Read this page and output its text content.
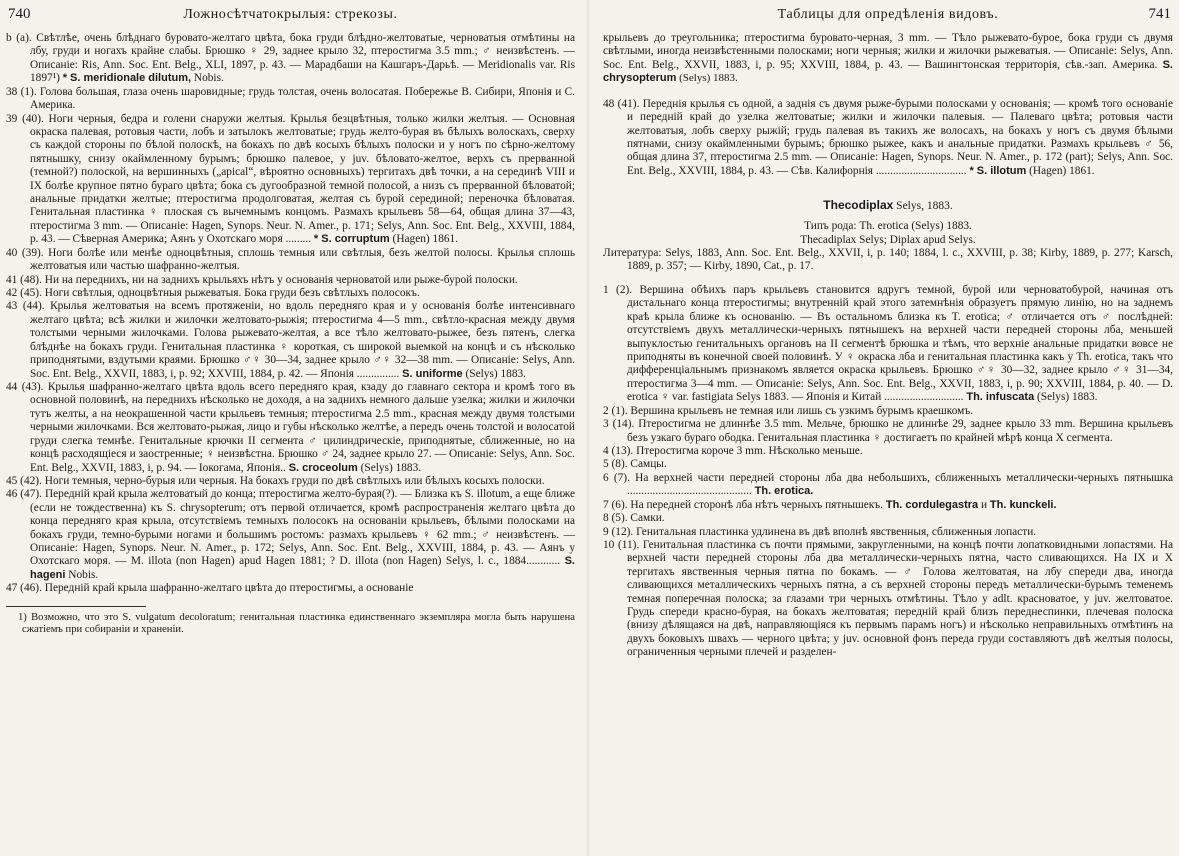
740	Ложносѣтчатокрылыя: стрекозы.

b (a). Свѣтлѣе, очень блѣднаго буровато-желтаго цвѣта, бока груди блѣдно-желтоватые, черноватыя отмѣтины на лбу, груди и ногахъ крайне слабы. Брюшко ♀ 29, заднее крыло 32, птеростигма 3.5 mm.; ♂ неизвѣстенъ. — Описаніе: Ris, Ann. Soc. Ent. Belg., XLI, 1897, p. 43. — Марадбаши на Кашгаръ-Дарьѣ. — Meridionalis var. Ris 1897¹) * S. meridionale dilutum, Nobis.

38 (1). Голова большая, глаза очень шаровидные; грудь толстая, очень волосатая. Побережье В. Сибири, Японія и С. Америка.

39 (40). Ноги черныя, бедра и голени снаружи желтыя. Крылья безцвѣтныя, только жилки желтыя. — Основная окраска палевая, ротовыя части, лобъ и затылокъ желтоватые; грудь желто-бурая въ бѣлыхъ волоскахъ, сверху съ каждой стороны по бѣлой полоскѣ, на бокахъ по двѣ косыхъ бѣлыхъ полоски и у ногъ по сѣрно-желтому пятнышку, снизу окаймленному бурымъ; брюшко палевое, у juv. бѣловато-желтое, верхъ съ прерванной (темной?) полоской, на вершинныхъ („apical“, вѣроятно основныхъ) тергитахъ двѣ точки, а на серединѣ VIII и IX болѣе крупное пятно бураго цвѣта; бока съ дугообразной темной полосой, а низъ съ прерванной бѣловатой; анальные придатки желтые; птеростигма продолговатая, желтая съ бурой серединой; переночка бѣловатая. Генитальная пластинка ♀ плоская съ вычемнымъ концомъ. Размахъ крыльевъ 58—64, общая длина 37—43, птеростигма 3 mm. — Описаніе: Hagen, Synops. Neur. N. Amer., p. 171; Selys, Ann. Soc. Ent. Belg., XXVIII, 1884, p. 43. — Сѣверная Америка; Аянъ у Охотскаго моря ......... * S. corruptum (Hagen) 1861.

40 (39). Ноги болѣе или менѣе одноцвѣтныя, сплошь темныя или свѣтлыя, безъ желтой полосы. Крылья сплошь желтоватыя или частью шафранно-желтыя.

41 (48). Ни на переднихъ, ни на заднихъ крыльяхъ нѣтъ у основанія черноватой или рыже-бурой полоски.

42 (45). Ноги свѣтлыя, одноцвѣтныя рыжеватыя. Бока груди безъ свѣтлыхъ полосокъ.

43 (44). Крылья желтоватыя на всемъ протяженіи, но вдоль передняго края и у основанія болѣе интенсивнаго желтаго цвѣта; всѣ жилки и жилочки желтовато-рыжія; птеростигма 4—5 mm., свѣтло-красная между двумя толстыми черными жилочками. Голова рыжевато-желтая, а все тѣло желтовато-рыжее, безъ пятенъ, слегка блѣднѣе на бокахъ груди. Генитальная пластинка ♀ короткая, съ широкой выемкой на концѣ и съ нѣсколько приподнятыми, вздутыми краями. Брюшко ♂♀ 30—34, заднее крыло ♂♀ 32—38 mm. — Описаніе: Selys, Ann. Soc. Ent. Belg., XXVII, 1883, i, p. 92; XXVIII, 1884, p. 42. — Японія ............... S. uniforme (Selys) 1883.

44 (43). Крылья шафранно-желтаго цвѣта вдоль всего передняго края, кзаду до главнаго сектора и кромѣ того въ основной половинѣ, на переднихъ нѣсколько не доходя, а на заднихъ немного дальше узелка; жилки и жилочки тутъ желты, а на неокрашенной части крыльевъ темныя; птеростигма 2.5 mm., красная между двумя толстыми черными жилочками. Вся желтовато-рыжая, лицо и губы нѣсколько желтѣе, а передъ очень толстой и волосатой груди слегка темнѣе. Генитальные крючки II сегмента ♂ цилиндрическіе, приподнятые, сближенные, но на концѣ расходящіеся и заостренные; ♀ неизвѣстна. Брюшко ♂ 24, заднее крыло 27. — Описаніе: Selys, Ann. Soc. Ent. Belg., XXVII, 1883, i, p. 94. — Іокогама, Японія.. S. croceolum (Selys) 1883.

45 (42). Ноги темныя, черно-бурыя или черныя. На бокахъ груди по двѣ свѣтлыхъ или бѣлыхъ косыхъ полоски.

46 (47). Передній край крыла желтоватый до конца; птеростигма желто-бурая(?). — Близка къ S. illotum, а еще ближе (если не тождественна) къ S. chrysopterum; отъ первой отличается, кромѣ распространенія желтаго цвѣта до конца передняго края крыла, отсутствіемъ темныхъ полосокъ на основаніи крыльевъ, бѣлыми полосками на бокахъ груди, темно-бурыми ногами и большимъ ростомъ: размахъ крыльевъ ♀ 62 mm.; ♂ неизвѣстенъ. — Описаніе: Hagen, Synops. Neur. N. Amer., p. 172; Selys, Ann. Soc. Ent. Belg., XXVIII, 1884, p. 43. — Аянъ у Охотскаго моря. — M. illota (non Hagen) apud Hagen 1881; ? D. illota (non Hagen) Selys, l. c., 1884............ S. hageni Nobis.

47 (46). Передній край крыла шафранно-желтаго цвѣта до птеростигмы, а основаніе

1) Возможно, что это S. vulgatum decoloratum; генитальная пластинка единственнаго экземпляра могла быть нарушена сжатіемъ при собираніи и храненіи.

Таблицы для опредѣленія видовъ.	741

крыльевъ до треугольника; птеростигма буровато-черная, 3 mm. — Тѣло рыжевато-бурое, бока груди съ двумя свѣтлыми, иногда неизвѣстенными полосками; ноги черныя; жилки и жилочки рыжеватыя. — Описаніе: Selys, Ann. Soc. Ent. Belg., XXVII, 1883, i, p. 95; XXVIII, 1884, p. 43. — Вашингтонская территорія, сѣв.-зап. Америка. S. chrysopterum (Selys) 1883.

48 (41). Переднія крылья съ одной, а заднія съ двумя рыже-бурыми полосками у основанія; — кромѣ того основаніе и передній край до узелка желтоватые; жилки и жилочки палевыя. — Палеваго цвѣта; ротовыя части желтоватыя, лобъ сверху рыжій; грудь палевая въ такихъ же волосахъ, на бокахъ у ногъ съ двумя бѣлыми пятнами, снизу окаймленными бурымъ; брюшко рыжее, какъ и анальные придатки. Размахъ крыльевъ ♂ 56, общая длина 37, птеростигма 2.5 mm. — Описаніе: Hagen, Synops. Neur. N. Amer., p. 172 (part); Selys, Ann. Soc. Ent. Belg., XXVIII, 1884, p. 43. — Сѣв. Калифорнія ................................ * S. illotum (Hagen) 1861.

Thecodiplax Selys, 1883.

Типъ рода: Th. erotica (Selys) 1883.

Thecadiplax Selys; Diplax apud Selys.

Литература: Selys, 1883, Ann. Soc. Ent. Belg., XXVII, i, p. 140; 1884, l. c., XXVIII, p. 38; Kirby, 1889, p. 277; Karsch, 1889, p. 357; — Kirby, 1890, Cat., p. 17.

1 (2). Вершина обѣихъ паръ крыльевъ становится вдругъ темной, бурой или черноватобурой, начиная отъ дистальнаго конца птеростигмы; внутренній край этого затемнѣнія образуетъ прямую линію, но на заднемъ краѣ крыла ближе къ основанію. — Въ остальномъ близка къ T. erotica; ♂ отличается отъ ♂ послѣдней: отсутствіемъ двухъ металлически-черныхъ пятнышекъ на верхней части передней стороны лба, меньшей выпуклостью генитальныхъ органовъ на II сегментѣ брюшка и тѣмъ, что верхніе анальные придатки вовсе не приподняты въ конечной своей половинѣ. У ♀ окраска лба и генитальная пластинка какъ у Th. erotica, такъ что дифференціальнымъ признакомъ является окраска крыльевъ. Брюшко ♂♀ 30—32, заднее крыло ♂♀ 31—34, птеростигма 3—4 mm. — Описаніе: Selys, Ann. Soc. Ent. Belg., XXVII, 1883, i, p. 90; XXVIII, 1884, p. 40. — D. erotica ♀ var. fastigiata Selys 1883. — Японія и Китай ............................ Th. infuscata (Selys) 1883.

2 (1). Вершина крыльевъ не темная или лишь съ узкимъ бурымъ краешкомъ.

3 (14). Птеростигма не длиннѣе 3.5 mm. Мельче, брюшко не длиннѣе 29, заднее крыло 33 mm. Вершина крыльевъ безъ узкаго бураго ободка. Генитальная пластинка ♀ достигаетъ по крайней мѣрѣ конца X сегмента.

4 (13). Птеростигма короче 3 mm. Нѣсколько меньше.

5 (8). Самцы.

6 (7). На верхней части передней стороны лба два небольшихъ, сближенныхъ металлически-черныхъ пятнышка ............................................ Th. erotica.

7 (6). На передней сторонѣ лба нѣтъ черныхъ пятнышекъ. Th. cordulegastra и Th. kunckeli.

8 (5). Самки.

9 (12). Генитальная пластинка удлинена въ двѣ вполнѣ явственныя, сближенныя лопасти.

10 (11). Генитальная пластинка съ почти прямыми, закругленными, на концѣ почти лопатковидными лопастями. На верхней части передней стороны лба два металлически-черныхъ пятна, часто сливающихся. На IX и X тергитахъ явственныя черныя пятна по бокамъ. — ♂ Голова желтоватая, на лбу спереди два, иногда сливающихся металлическихъ черныхъ пятна, а съ верхней стороны передъ металлически-бурымъ теменемъ темная поперечная полоска; за глазами три черныхъ отмѣтины. Тѣло у adlt. красноватое, у juv. желтоватое. Грудь спереди красно-бурая, на бокахъ желтоватая; передній край близъ переднеспинки, плечевая полоска (внизу дѣлящаяся на двѣ, направляющіяся къ первымъ парамъ ногъ) и нѣсколько неправильныхъ отмѣтинъ на двухъ боковыхъ швахъ — черного цвѣта; у juv. основной фонъ переда груди составляютъ двѣ желтыя полосы, ограниченныя черными плечей и разделен-
